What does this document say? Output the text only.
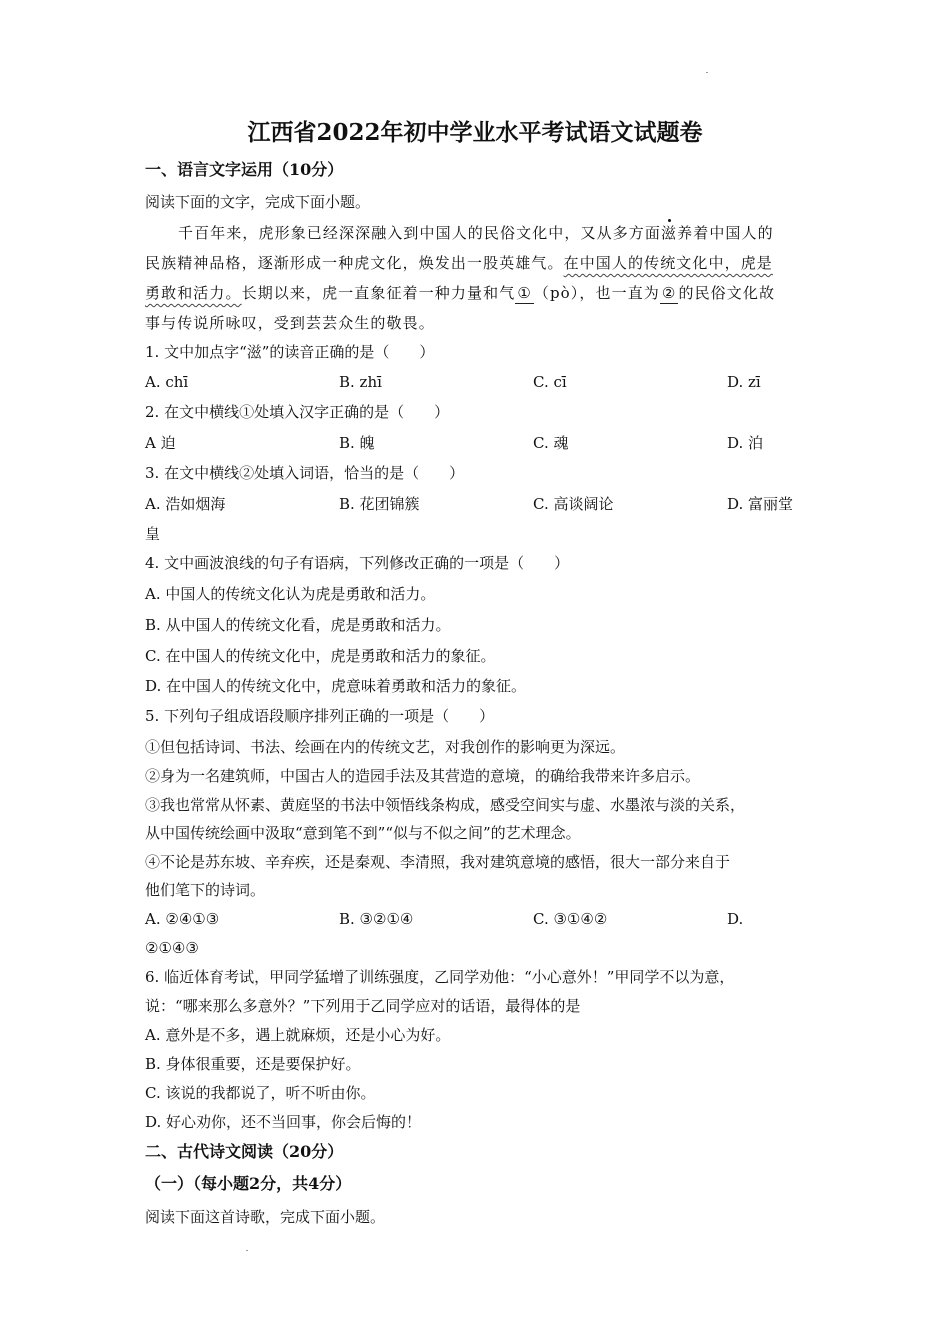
江西省2022年初中学业水平考试语文试题卷
一、语言文字运用（10分）
阅读下面的文字，完成下面小题。
千百年来，虎形象已经深深融入到中国人的民俗文化中，又从多方面滋养着中国人的
民族精神品格，逐渐形成一种虎文化，焕发出一股英雄气。在中国人的传统文化中，虎是
勇敢和活力。长期以来，虎一直象征着一种力量和气 ① （pò），也一直为 ② 的民俗文化故
事与传说所咏叹，受到芸芸众生的敬畏。
1. 文中加点字“滋”的读音正确的是（　　）
A. chī	B. zhī	C. cī	D. zī
2. 在文中横线①处填入汉字正确的是（　　）
A 迫	B. 魄	C. 魂	D. 泊
3. 在文中横线②处填入词语，恰当的是（　　）
A. 浩如烟海	B. 花团锦簇	C. 高谈阔论	D. 富丽堂
皇
4. 文中画波浪线的句子有语病，下列修改正确的一项是（　　）
A. 中国人的传统文化认为虎是勇敢和活力。
B. 从中国人的传统文化看，虎是勇敢和活力。
C. 在中国人的传统文化中，虎是勇敢和活力的象征。
D. 在中国人的传统文化中，虎意味着勇敢和活力的象征。
5. 下列句子组成语段顺序排列正确的一项是（　　）
①但包括诗词、书法、绘画在内的传统文艺，对我创作的影响更为深远。
②身为一名建筑师，中国古人的造园手法及其营造的意境，的确给我带来许多启示。
③我也常常从怀素、黄庭坚的书法中领悟线条构成，感受空间实与虚、水墨浓与淡的关系，
从中国传统绘画中汲取“意到笔不到”“似与不似之间”的艺术理念。
④不论是苏东坡、辛弃疾，还是秦观、李清照，我对建筑意境的感悟，很大一部分来自于
他们笔下的诗词。
A. ②④①③	B. ③②①④	C. ③①④②	D.
②①④③
6. 临近体育考试，甲同学猛增了训练强度，乙同学劝他：“小心意外！”甲同学不以为意，
说：“哪来那么多意外？”下列用于乙同学应对的话语，最得体的是
A. 意外是不多，遇上就麻烦，还是小心为好。
B. 身体很重要，还是要保护好。
C. 该说的我都说了，听不听由你。
D. 好心劝你，还不当回事，你会后悔的！
二、古代诗文阅读（20分）
（一）（每小题2分，共4分）
阅读下面这首诗歌，完成下面小题。
